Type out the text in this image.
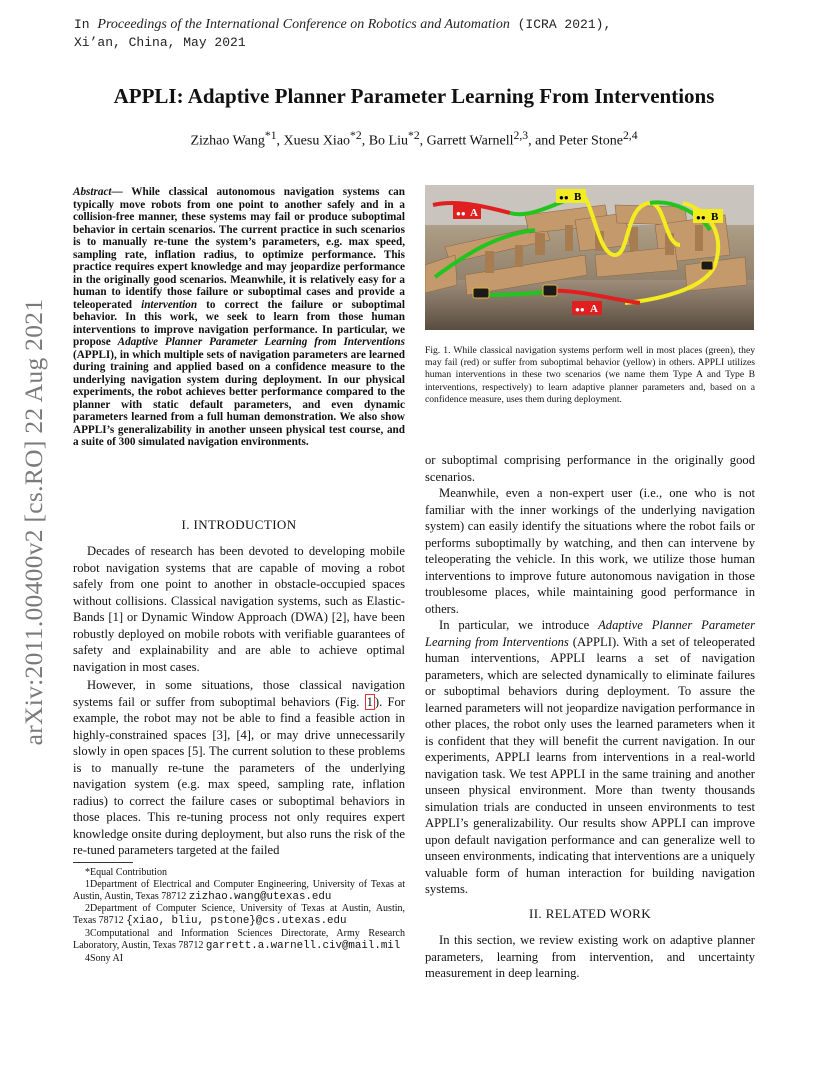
In Proceedings of the International Conference on Robotics and Automation (ICRA 2021),
Xi’an, China, May 2021
arXiv:2011.00400v2 [cs.RO] 22 Aug 2021
APPLI: Adaptive Planner Parameter Learning From Interventions
Zizhao Wang$^{*1}$, Xuesu Xiao$^{*2}$, Bo Liu$^{*2}$, Garrett Warnell$^{2,3}$, and Peter Stone$^{2,4}$
Abstract— While classical autonomous navigation systems can typically move robots from one point to another safely and in a collision-free manner, these systems may fail or produce suboptimal behavior in certain scenarios. The current practice in such scenarios is to manually re-tune the system’s parameters, e.g. max speed, sampling rate, inflation radius, to optimize performance. This practice requires expert knowledge and may jeopardize performance in the originally good scenarios. Meanwhile, it is relatively easy for a human to identify those failure or suboptimal cases and provide a teleoperated intervention to correct the failure or suboptimal behavior. In this work, we seek to learn from those human interventions to improve navigation performance. In particular, we propose Adaptive Planner Parameter Learning from Interventions (APPLI), in which multiple sets of navigation parameters are learned during training and applied based on a confidence measure to the underlying navigation system during deployment. In our physical experiments, the robot achieves better performance compared to the planner with static default parameters, and even dynamic parameters learned from a full human demonstration. We also show APPLI’s generalizability in another unseen physical test course, and a suite of 300 simulated navigation environments.
I. INTRODUCTION

Decades of research has been devoted to developing mobile robot navigation systems that are capable of moving a robot safely from one point to another in obstacle-occupied spaces without collisions. Classical navigation systems, such as Elastic-Bands [1] or Dynamic Window Approach (DWA) [2], have been robustly deployed on mobile robots with verifiable guarantees of safety and explainability and are able to achieve optimal navigation in most cases.

However, in some situations, those classical navigation systems fail or suffer from suboptimal behaviors (Fig. 1 ). For example, the robot may not be able to find a feasible action in highly-constrained spaces [3], [4], or may drive unnecessarily slowly in open spaces [5]. The current solution to these problems is to manually re-tune the parameters of the underlying navigation system (e.g. max speed, sampling rate, inflation radius) to correct the failure cases or suboptimal behaviors in those places. This re-tuning process not only requires expert knowledge onsite during deployment, but also runs the risk of the re-tuned parameters targeted at the failed

*Equal Contribution

1Department of Electrical and Computer Engineering, University of Texas at Austin, Austin, Texas 78712 zizhao.wang@utexas.edu

2Department of Computer Science, University of Texas at Austin, Austin, Texas 78712 {xiao, bliu, pstone}@cs.utexas.edu

3Computational and Information Sciences Directorate, Army Research Laboratory, Austin, Texas 78712 garrett.a.warnell.civ@mail.mil

4Sony AI

●● A
●● B
●● B
●● A
Fig. 1. While classical navigation systems perform well in most places (green), they may fail (red) or suffer from suboptimal behavior (yellow) in others. APPLI utilizes human interventions in these two scenarios (we name them Type A and Type B interventions, respectively) to learn adaptive planner parameters and, based on a confidence measure, uses them during deployment.

or suboptimal comprising performance in the originally good scenarios.

Meanwhile, even a non-expert user (i.e., one who is not familiar with the inner workings of the underlying navigation system) can easily identify the situations where the robot fails or performs suboptimally by watching, and then can intervene by teleoperating the vehicle. In this work, we utilize those human interventions to improve future autonomous navigation in those troublesome places, while maintaining good performance in others.

In particular, we introduce Adaptive Planner Parameter Learning from Interventions (APPLI). With a set of teleoperated human interventions, APPLI learns a set of navigation parameters, which are selected dynamically to eliminate failures or suboptimal behaviors during deployment. To assure the learned parameters will not jeopardize navigation performance in other places, the robot only uses the learned parameters when it is confident that they will benefit the current navigation. In our experiments, APPLI learns from interventions in a real-world navigation task. We test APPLI in the same training and another unseen physical environment. More than twenty thousands simulation trials are conducted in unseen environments to test APPLI’s generalizability. Our results show APPLI can improve upon default navigation performance and can generalize well to unseen environments, indicating that interventions are a uniquely valuable form of human interaction for building navigation systems.

II. RELATED WORK

In this section, we review existing work on adaptive planner parameters, learning from intervention, and uncertainty measurement in deep learning.
